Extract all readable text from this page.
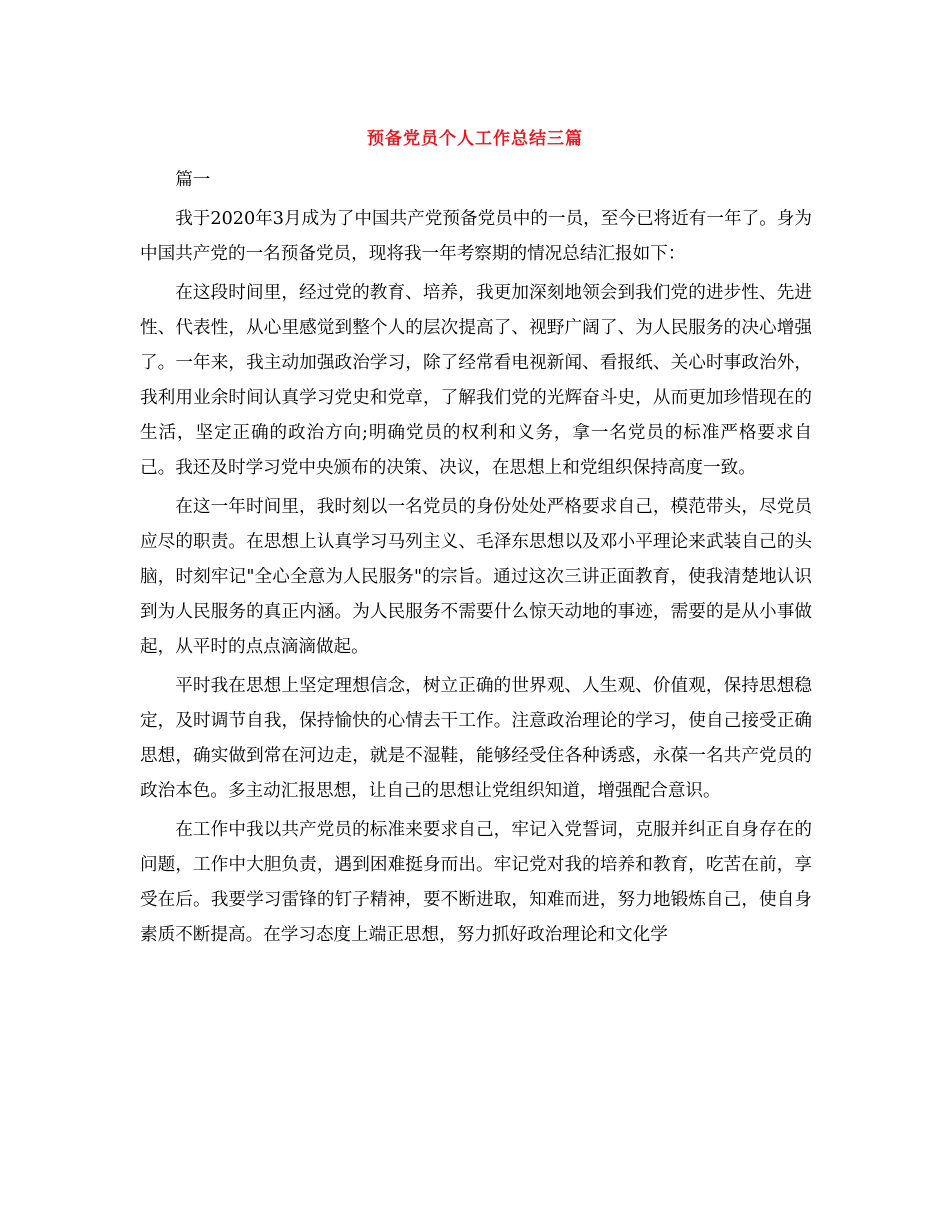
预备党员个人工作总结三篇

篇一

我于2020年3月成为了中国共产党预备党员中的一员，至今已将近有一年了。身为中国共产党的一名预备党员，现将我一年考察期的情况总结汇报如下：

在这段时间里，经过党的教育、培养，我更加深刻地领会到我们党的进步性、先进性、代表性，从心里感觉到整个人的层次提高了、视野广阔了、为人民服务的决心增强了。一年来，我主动加强政治学习，除了经常看电视新闻、看报纸、关心时事政治外，我利用业余时间认真学习党史和党章，了解我们党的光辉奋斗史，从而更加珍惜现在的生活，坚定正确的政治方向;明确党员的权利和义务，拿一名党员的标准严格要求自己。我还及时学习党中央颁布的决策、决议，在思想上和党组织保持高度一致。

在这一年时间里，我时刻以一名党员的身份处处严格要求自己，模范带头，尽党员应尽的职责。在思想上认真学习马列主义、毛泽东思想以及邓小平理论来武装自己的头脑，时刻牢记"全心全意为人民服务"的宗旨。通过这次三讲正面教育，使我清楚地认识到为人民服务的真正内涵。为人民服务不需要什么惊天动地的事迹，需要的是从小事做起，从平时的点点滴滴做起。

平时我在思想上坚定理想信念，树立正确的世界观、人生观、价值观，保持思想稳定，及时调节自我，保持愉快的心情去干工作。注意政治理论的学习，使自己接受正确思想，确实做到常在河边走，就是不湿鞋，能够经受住各种诱惑，永葆一名共产党员的政治本色。多主动汇报思想，让自己的思想让党组织知道，增强配合意识。

在工作中我以共产党员的标准来要求自己，牢记入党誓词，克服并纠正自身存在的问题，工作中大胆负责，遇到困难挺身而出。牢记党对我的培养和教育，吃苦在前，享受在后。我要学习雷锋的钉子精神，要不断进取，知难而进，努力地锻炼自己，使自身素质不断提高。在学习态度上端正思想，努力抓好政治理论和文化学
